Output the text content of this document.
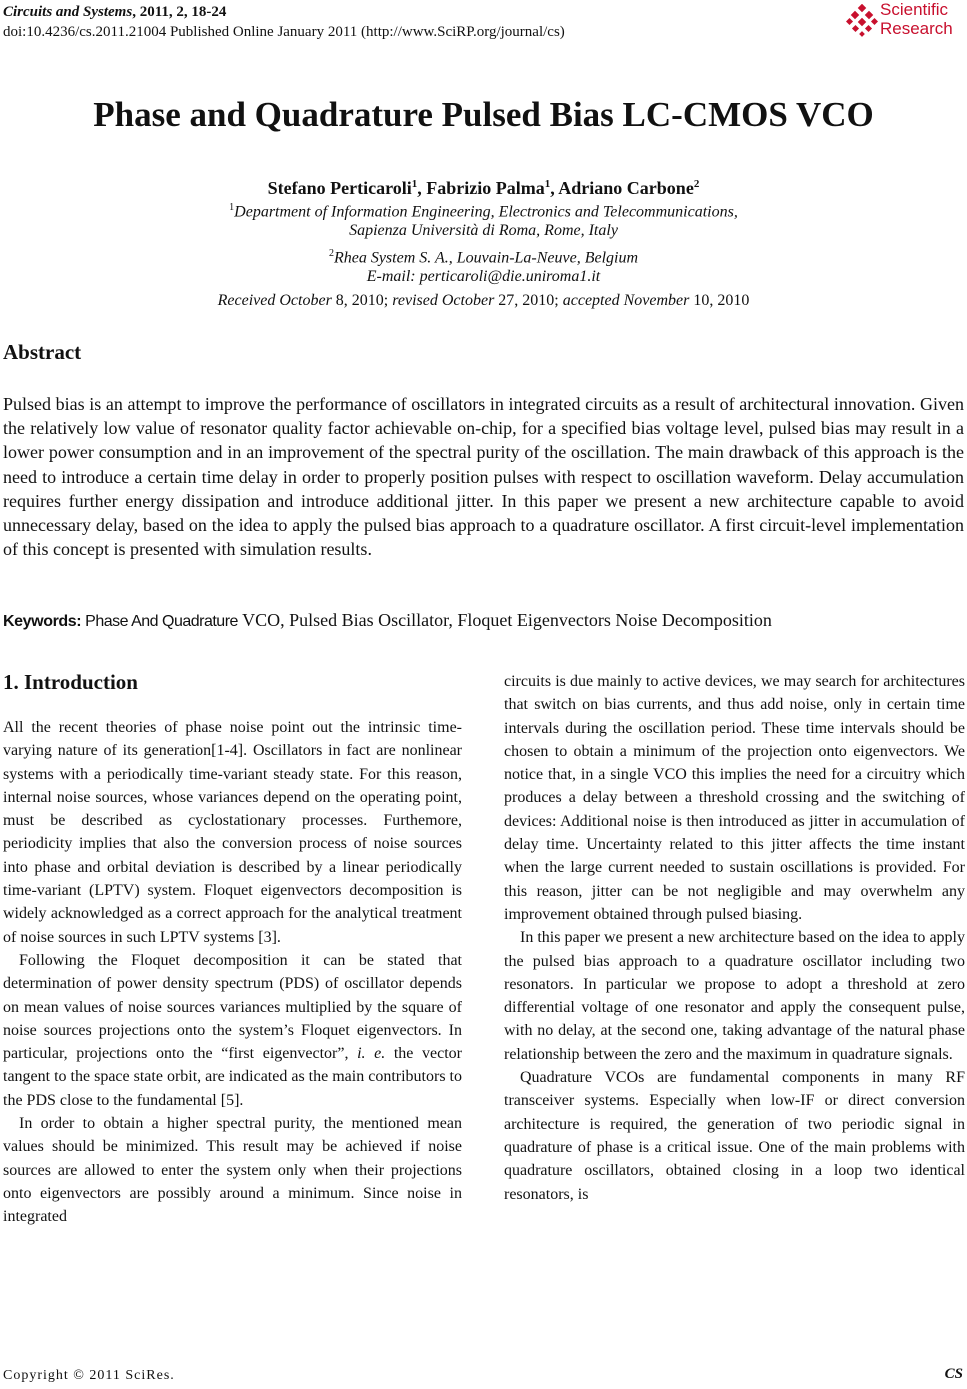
Circuits and Systems, 2011, 2, 18-24
doi:10.4236/cs.2011.21004 Published Online January 2011 (http://www.SciRP.org/journal/cs)
Scientific
Research
Phase and Quadrature Pulsed Bias LC-CMOS VCO
Stefano Perticaroli$^1$, Fabrizio Palma$^1$, Adriano Carbone$^2$
$^1$Department of Information Engineering, Electronics and Telecommunications,
Sapienza Università di Roma, Rome, Italy
$^2$Rhea System S. A., Louvain-La-Neuve, Belgium
E-mail: perticaroli@die.uniroma1.it
Received October 8, 2010; revised October 27, 2010; accepted November 10, 2010
Abstract
Pulsed bias is an attempt to improve the performance of oscillators in integrated circuits as a result of architectural innovation. Given the relatively low value of resonator quality factor achievable on-chip, for a specified bias voltage level, pulsed bias may result in a lower power consumption and in an improvement of the spectral purity of the oscillation. The main drawback of this approach is the need to introduce a certain time delay in order to properly position pulses with respect to oscillation waveform. Delay accumulation requires further energy dissipation and introduce additional jitter. In this paper we present a new architecture capable to avoid unnecessary delay, based on the idea to apply the pulsed bias approach to a quadrature oscillator. A first circuit-level implementation of this concept is presented with simulation results.
Keywords: Phase And Quadrature VCO, Pulsed Bias Oscillator, Floquet Eigenvectors Noise Decomposition
1. Introduction

All the recent theories of phase noise point out the intrinsic time-varying nature of its generation[1-4]. Oscillators in fact are nonlinear systems with a periodically time-variant steady state. For this reason, internal noise sources, whose variances depend on the operating point, must be described as cyclostationary processes. Furthemore, periodicity implies that also the conversion process of noise sources into phase and orbital deviation is described by a linear periodically time-variant (LPTV) system. Floquet eigenvectors decomposition is widely acknowledged as a correct approach for the analytical treatment of noise sources in such LPTV systems [3].

Following the Floquet decomposition it can be stated that determination of power density spectrum (PDS) of oscillator depends on mean values of noise sources variances multiplied by the square of noise sources projections onto the system’s Floquet eigenvectors. In particular, projections onto the “first eigenvector”, i. e. the vector tangent to the space state orbit, are indicated as the main contributors to the PDS close to the fundamental [5].

In order to obtain a higher spectral purity, the mentioned mean values should be minimized. This result may be achieved if noise sources are allowed to enter the system only when their projections onto eigenvectors are possibly around a minimum. Since noise in integrated

circuits is due mainly to active devices, we may search for architectures that switch on bias currents, and thus add noise, only in certain time intervals during the oscillation period. These time intervals should be chosen to obtain a minimum of the projection onto eigenvectors. We notice that, in a single VCO this implies the need for a circuitry which produces a delay between a threshold crossing and the switching of devices: Additional noise is then introduced as jitter in accumulation of delay time. Uncertainty related to this jitter affects the time instant when the large current needed to sustain oscillations is provided. For this reason, jitter can be not negligible and may overwhelm any improvement obtained through pulsed biasing.

In this paper we present a new architecture based on the idea to apply the pulsed bias approach to a quadrature oscillator including two resonators. In particular we propose to adopt a threshold at zero differential voltage of one resonator and apply the consequent pulse, with no delay, at the second one, taking advantage of the natural phase relationship between the zero and the maximum in quadrature signals.

Quadrature VCOs are fundamental components in many RF transceiver systems. Especially when low-IF or direct conversion architecture is required, the generation of two periodic signal in quadrature of phase is a critical issue. One of the main problems with quadrature oscillators, obtained closing in a loop two identical resonators, is

Copyright © 2011 SciRes.	CS
